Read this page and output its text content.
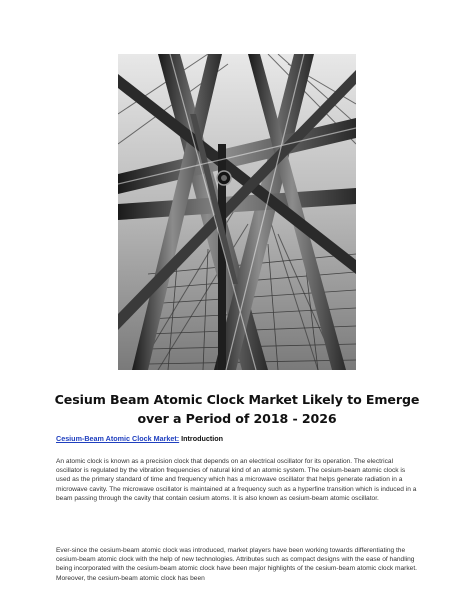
Cesium Beam Atomic Clock Market Likely to Emerge over a Period of 2018 - 2026

Cesium-Beam Atomic Clock Market: Introduction

An atomic clock is known as a precision clock that depends on an electrical oscillator for its operation. The electrical oscillator is regulated by the vibration frequencies of natural kind of an atomic system. The cesium-beam atomic clock is used as the primary standard of time and frequency which has a microwave oscillator that helps generate radiation in a microwave cavity. The microwave oscillator is maintained at a frequency such as a hyperfine transition which is induced in a beam passing through the cavity that contain cesium atoms. It is also known as cesium-beam atomic oscillator.

Ever-since the cesium-beam atomic clock was introduced, market players have been working towards differentiating the cesium-beam atomic clock with the help of new technologies. Attributes such as compact designs with the ease of handling being incorporated with the cesium-beam atomic clock have been major highlights of the cesium-beam atomic clock market. Moreover, the cesium-beam atomic clock has been
